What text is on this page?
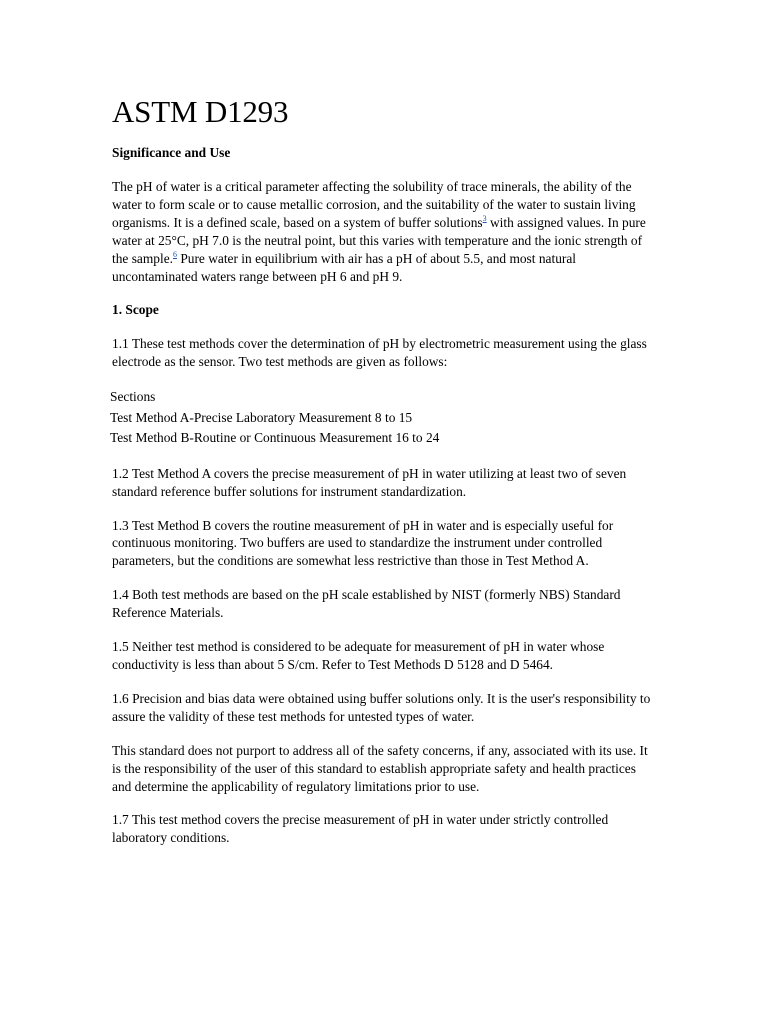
ASTM D1293
Significance and Use

The pH of water is a critical parameter affecting the solubility of trace minerals, the ability of the water to form scale or to cause metallic corrosion, and the suitability of the water to sustain living organisms. It is a defined scale, based on a system of buffer solutions$^3$ with assigned values. In pure water at 25°C, pH 7.0 is the neutral point, but this varies with temperature and the ionic strength of the sample.$^6$ Pure water in equilibrium with air has a pH of about 5.5, and most natural uncontaminated waters range between pH 6 and pH 9.

1. Scope

1.1 These test methods cover the determination of pH by electrometric measurement using the glass electrode as the sensor. Two test methods are given as follows:

Sections
Test Method A-Precise Laboratory Measurement 8 to 15
Test Method B-Routine or Continuous Measurement 16 to 24

1.2 Test Method A covers the precise measurement of pH in water utilizing at least two of seven standard reference buffer solutions for instrument standardization.

1.3 Test Method B covers the routine measurement of pH in water and is especially useful for continuous monitoring. Two buffers are used to standardize the instrument under controlled parameters, but the conditions are somewhat less restrictive than those in Test Method A.

1.4 Both test methods are based on the pH scale established by NIST (formerly NBS) Standard Reference Materials.

1.5 Neither test method is considered to be adequate for measurement of pH in water whose conductivity is less than about 5 S/cm. Refer to Test Methods D 5128 and D 5464.

1.6 Precision and bias data were obtained using buffer solutions only. It is the user's responsibility to assure the validity of these test methods for untested types of water.

This standard does not purport to address all of the safety concerns, if any, associated with its use. It is the responsibility of the user of this standard to establish appropriate safety and health practices and determine the applicability of regulatory limitations prior to use.

1.7 This test method covers the precise measurement of pH in water under strictly controlled laboratory conditions.
